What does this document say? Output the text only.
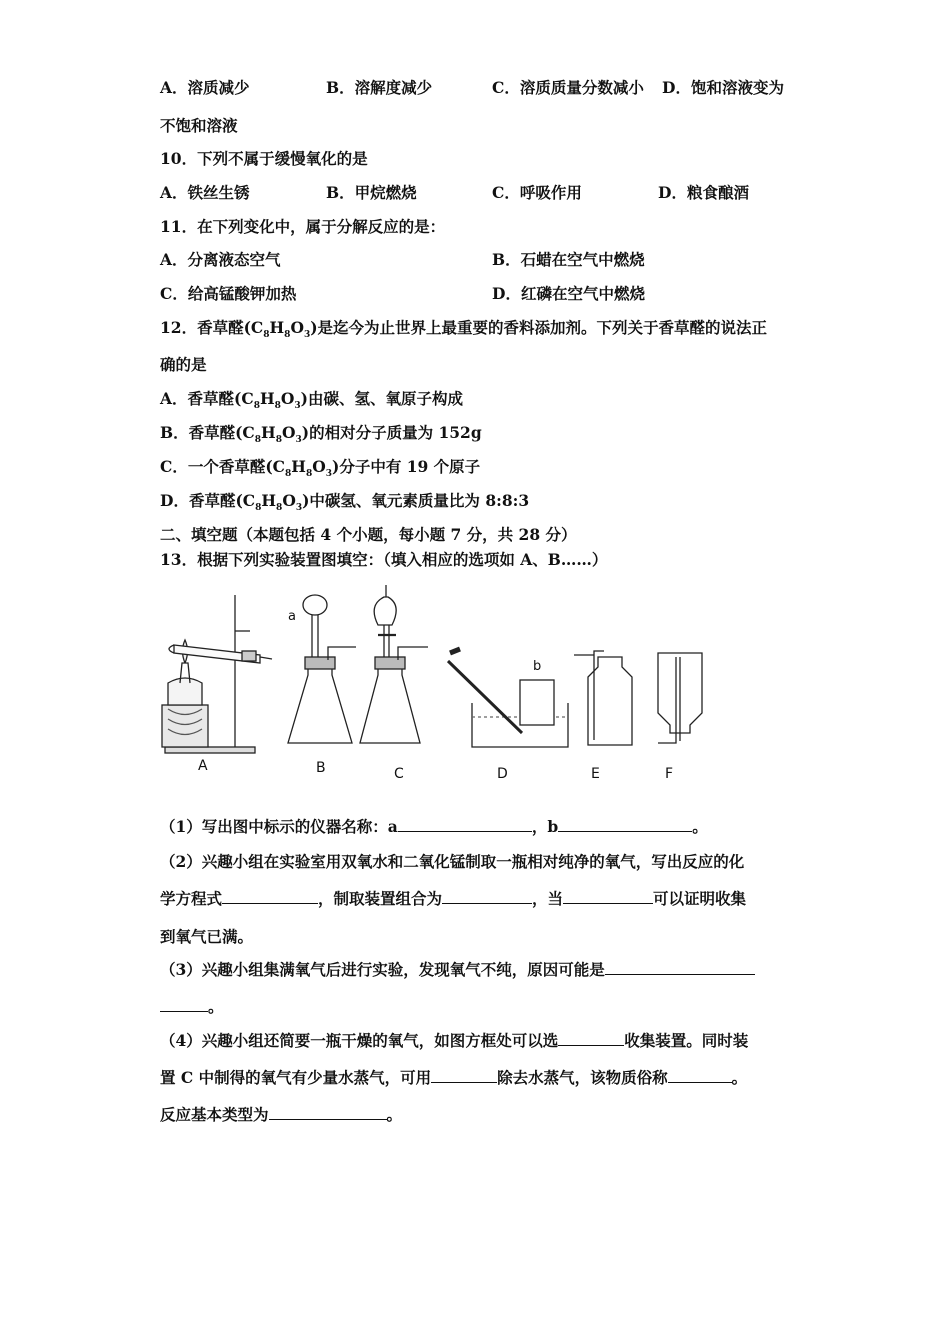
A．溶质减少	B．溶解度减少	C．溶质质量分数减小 D．饱和溶液变为
不饱和溶液
10．下列不属于缓慢氧化的是
A．铁丝生锈	B．甲烷燃烧	C．呼吸作用	D．粮食酿酒
11．在下列变化中，属于分解反应的是：
A．分离液态空气	B．石蜡在空气中燃烧
C．给高锰酸钾加热	D．红磷在空气中燃烧
12．香草醛$(C_8H_8O_3)$是迄今为止世界上最重要的香料添加剂。下列关于香草醛的说法正
确的是
A．香草醛$(C_8H_8O_3)$由碳、氢、氧原子构成
B．香草醛$(C_8H_8O_3)$的相对分子质量为 152g
C．一个香草醛$(C_8H_8O_3)$分子中有 19 个原子
D．香草醛$(C_8H_8O_3)$中碳氢、氧元素质量比为 8:8:3
二、填空题（本题包括 4 个小题，每小题 7 分，共 28 分）
13．根据下列实验装置图填空：（填入相应的选项如 A、B……）
A	B	C	D	E	F
a
b
（1）写出图中标示的仪器名称：a	，b	。
（2）兴趣小组在实验室用双氧水和二氧化锰制取一瓶相对纯净的氧气，写出反应的化
学方程式	，制取装置组合为	，当	可以证明收集
到氧气已满。
（3）兴趣小组集满氧气后进行实验，发现氧气不纯，原因可能是
。
（4）兴趣小组还简要一瓶干燥的氧气，如图方框处可以选	收集装置。同时装
置 C 中制得的氧气有少量水蒸气，可用	除去水蒸气，该物质俗称	。
反应基本类型为	。
